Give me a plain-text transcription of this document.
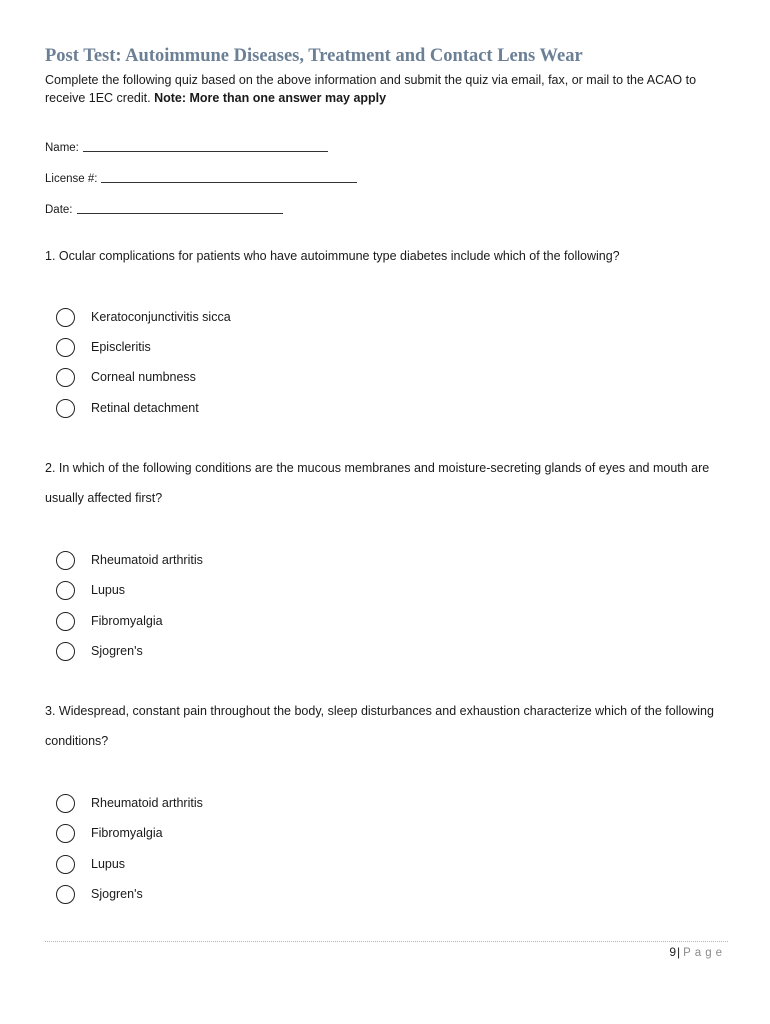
Post Test: Autoimmune Diseases, Treatment and Contact Lens Wear
Complete the following quiz based on the above information and submit the quiz via email, fax, or mail to the ACAO to receive 1EC credit. Note: More than one answer may apply
Name:
License #:
Date:
1. Ocular complications for patients who have autoimmune type diabetes include which of the following?
Keratoconjunctivitis sicca
Episcleritis
Corneal numbness
Retinal detachment
2. In which of the following conditions are the mucous membranes and moisture-secreting glands of eyes and mouth are usually affected first?
Rheumatoid arthritis
Lupus
Fibromyalgia
Sjogren's
3. Widespread, constant pain throughout the body, sleep disturbances and exhaustion characterize which of the following conditions?
Rheumatoid arthritis
Fibromyalgia
Lupus
Sjogren's
9| Page
